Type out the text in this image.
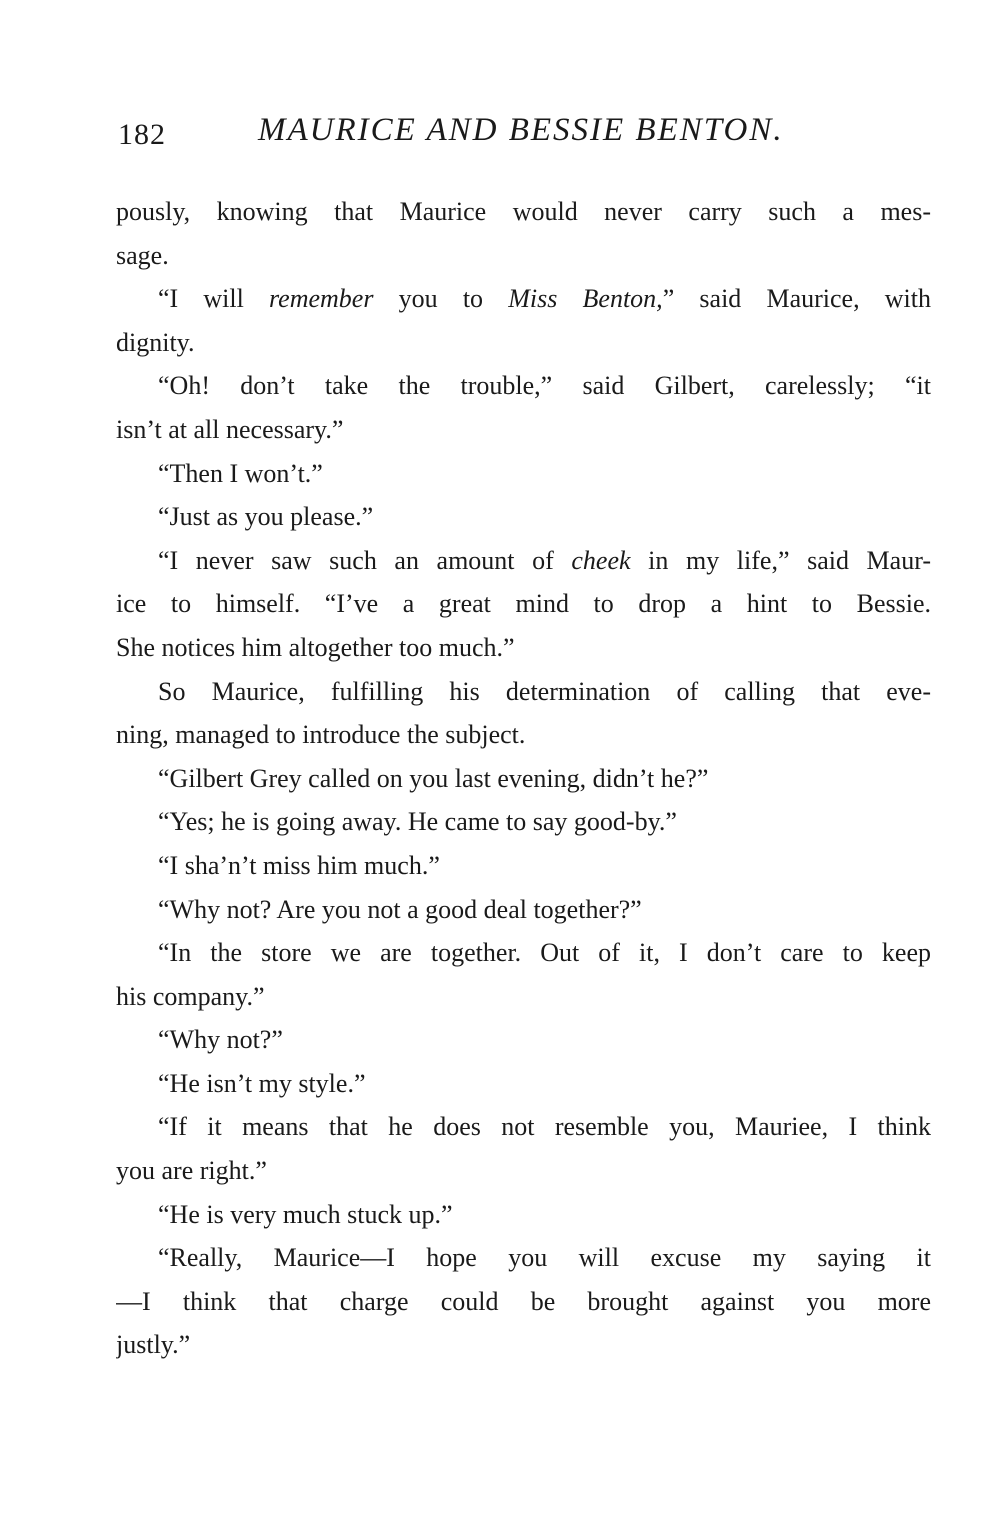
182	MAURICE AND BESSIE BENTON.
pously, knowing that Maurice would never carry such a mes-
sage.
“I will remember you to Miss Benton,” said Maurice, with
dignity.
“Oh! don’t take the trouble,” said Gilbert, carelessly; “it
isn’t at all necessary.”
“Then I won’t.”
“Just as you please.”
“I never saw such an amount of cheek in my life,” said Maur-
ice to himself. “I’ve a great mind to drop a hint to Bessie.
She notices him altogether too much.”
So Maurice, fulfilling his determination of calling that eve-
ning, managed to introduce the subject.
“Gilbert Grey called on you last evening, didn’t he?”
“Yes; he is going away. He came to say good-by.”
“I sha’n’t miss him much.”
“Why not? Are you not a good deal together?”
“In the store we are together. Out of it, I don’t care to keep
his company.”
“Why not?”
“He isn’t my style.”
“If it means that he does not resemble you, Mauriee, I think
you are right.”
“He is very much stuck up.”
“Really, Maurice—I hope you will excuse my saying it
—I think that charge could be brought against you more
justly.”
